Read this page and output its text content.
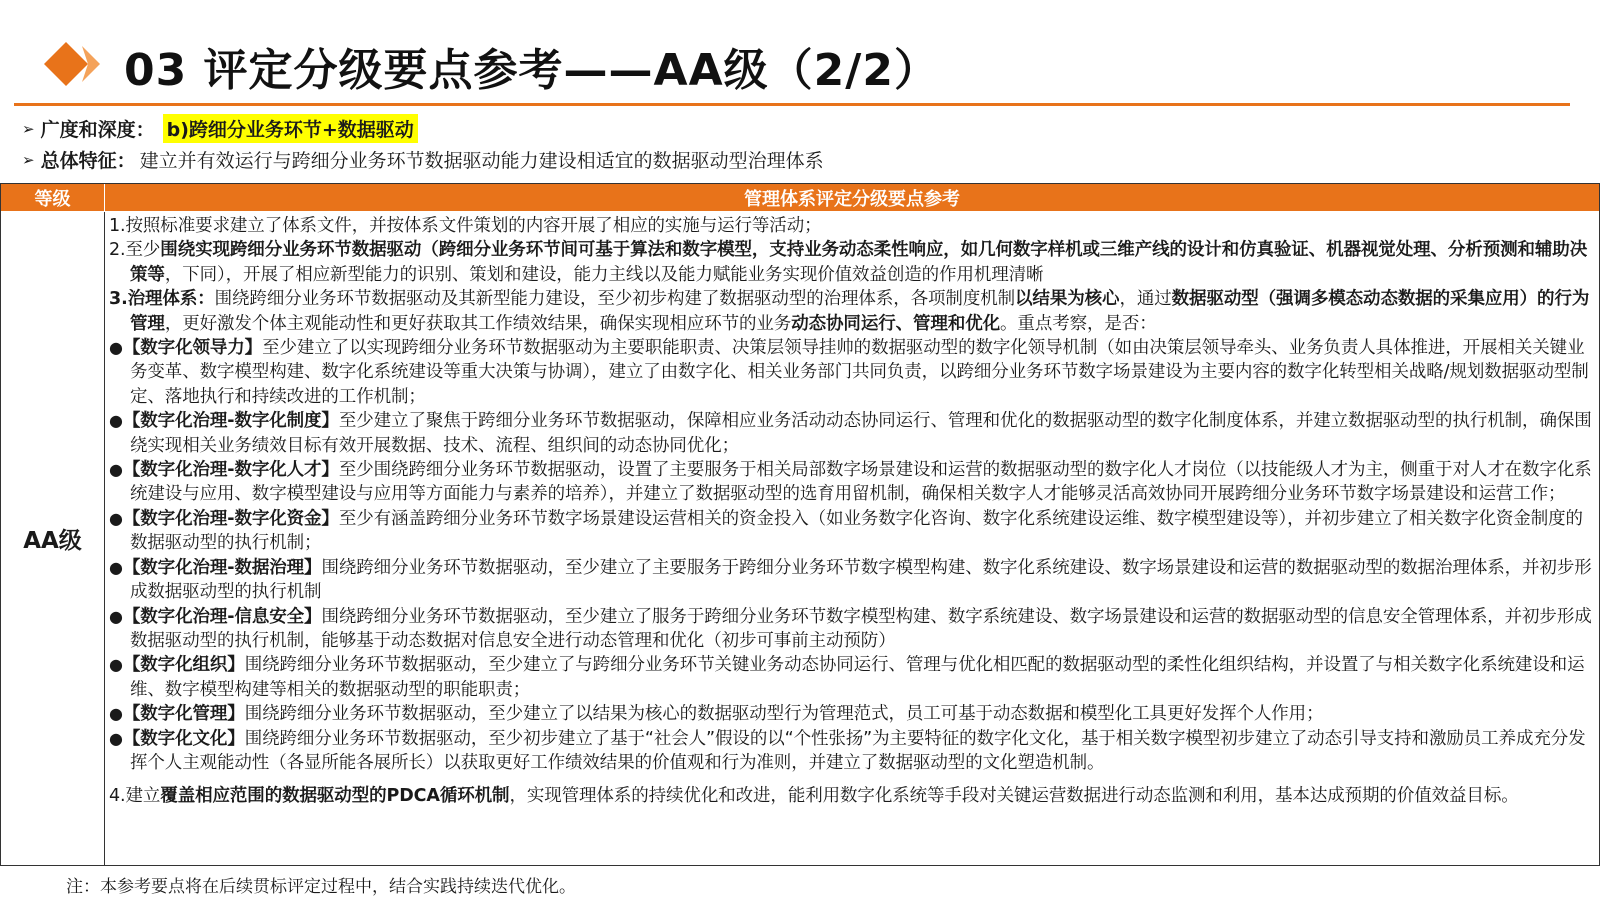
03 评定分级要点参考——AA级（2/2）
➢ 广度和深度： b)跨细分业务环节+数据驱动
➢ 总体特征： 建立并有效运行与跨细分业务环节数据驱动能力建设相适宜的数据驱动型治理体系
等级	管理体系评定分级要点参考
AA级

1.按照标准要求建立了体系文件，并按体系文件策划的内容开展了相应的实施与运行等活动；

2.至少围绕实现跨细分业务环节数据驱动（跨细分业务环节间可基于算法和数字模型，支持业务动态柔性响应，如几何数字样机或三维产线的设计和仿真验证、机器视觉处理、分析预测和辅助决策等，下同），开展了相应新型能力的识别、策划和建设，能力主线以及能力赋能业务实现价值效益创造的作用机理清晰

3.治理体系：围绕跨细分业务环节数据驱动及其新型能力建设，至少初步构建了数据驱动型的治理体系，各项制度机制以结果为核心，通过数据驱动型（强调多模态动态数据的采集应用）的行为管理，更好激发个体主观能动性和更好获取其工作绩效结果，确保实现相应环节的业务动态协同运行、管理和优化。重点考察，是否：

●【数字化领导力】至少建立了以实现跨细分业务环节数据驱动为主要职能职责、决策层领导挂帅的数据驱动型的数字化领导机制（如由决策层领导牵头、业务负责人具体推进，开展相关关键业务变革、数字模型构建、数字化系统建设等重大决策与协调），建立了由数字化、相关业务部门共同负责，以跨细分业务环节数字场景建设为主要内容的数字化转型相关战略/规划数据驱动型制定、落地执行和持续改进的工作机制；

●【数字化治理-数字化制度】至少建立了聚焦于跨细分业务环节数据驱动，保障相应业务活动动态协同运行、管理和优化的数据驱动型的数字化制度体系，并建立数据驱动型的执行机制，确保围绕实现相关业务绩效目标有效开展数据、技术、流程、组织间的动态协同优化；

●【数字化治理-数字化人才】至少围绕跨细分业务环节数据驱动，设置了主要服务于相关局部数字场景建设和运营的数据驱动型的数字化人才岗位（以技能级人才为主，侧重于对人才在数字化系统建设与应用、数字模型建设与应用等方面能力与素养的培养），并建立了数据驱动型的选育用留机制，确保相关数字人才能够灵活高效协同开展跨细分业务环节数字场景建设和运营工作；

●【数字化治理-数字化资金】至少有涵盖跨细分业务环节数字场景建设运营相关的资金投入（如业务数字化咨询、数字化系统建设运维、数字模型建设等），并初步建立了相关数字化资金制度的数据驱动型的执行机制；

●【数字化治理-数据治理】围绕跨细分业务环节数据驱动，至少建立了主要服务于跨细分业务环节数字模型构建、数字化系统建设、数字场景建设和运营的数据驱动型的数据治理体系，并初步形成数据驱动型的执行机制

●【数字化治理-信息安全】围绕跨细分业务环节数据驱动，至少建立了服务于跨细分业务环节数字模型构建、数字系统建设、数字场景建设和运营的数据驱动型的信息安全管理体系，并初步形成数据驱动型的执行机制，能够基于动态数据对信息安全进行动态管理和优化（初步可事前主动预防）

●【数字化组织】围绕跨细分业务环节数据驱动，至少建立了与跨细分业务环节关键业务动态协同运行、管理与优化相匹配的数据驱动型的柔性化组织结构，并设置了与相关数字化系统建设和运维、数字模型构建等相关的数据驱动型的职能职责；

●【数字化管理】围绕跨细分业务环节数据驱动，至少建立了以结果为核心的数据驱动型行为管理范式，员工可基于动态数据和模型化工具更好发挥个人作用；

●【数字化文化】围绕跨细分业务环节数据驱动，至少初步建立了基于“社会人”假设的以“个性张扬”为主要特征的数字化文化，基于相关数字模型初步建立了动态引导支持和激励员工养成充分发挥个人主观能动性（各显所能各展所长）以获取更好工作绩效结果的价值观和行为准则，并建立了数据驱动型的文化塑造机制。

4.建立覆盖相应范围的数据驱动型的PDCA循环机制，实现管理体系的持续优化和改进，能利用数字化系统等手段对关键运营数据进行动态监测和利用，基本达成预期的价值效益目标。

注：本参考要点将在后续贯标评定过程中，结合实践持续迭代优化。
